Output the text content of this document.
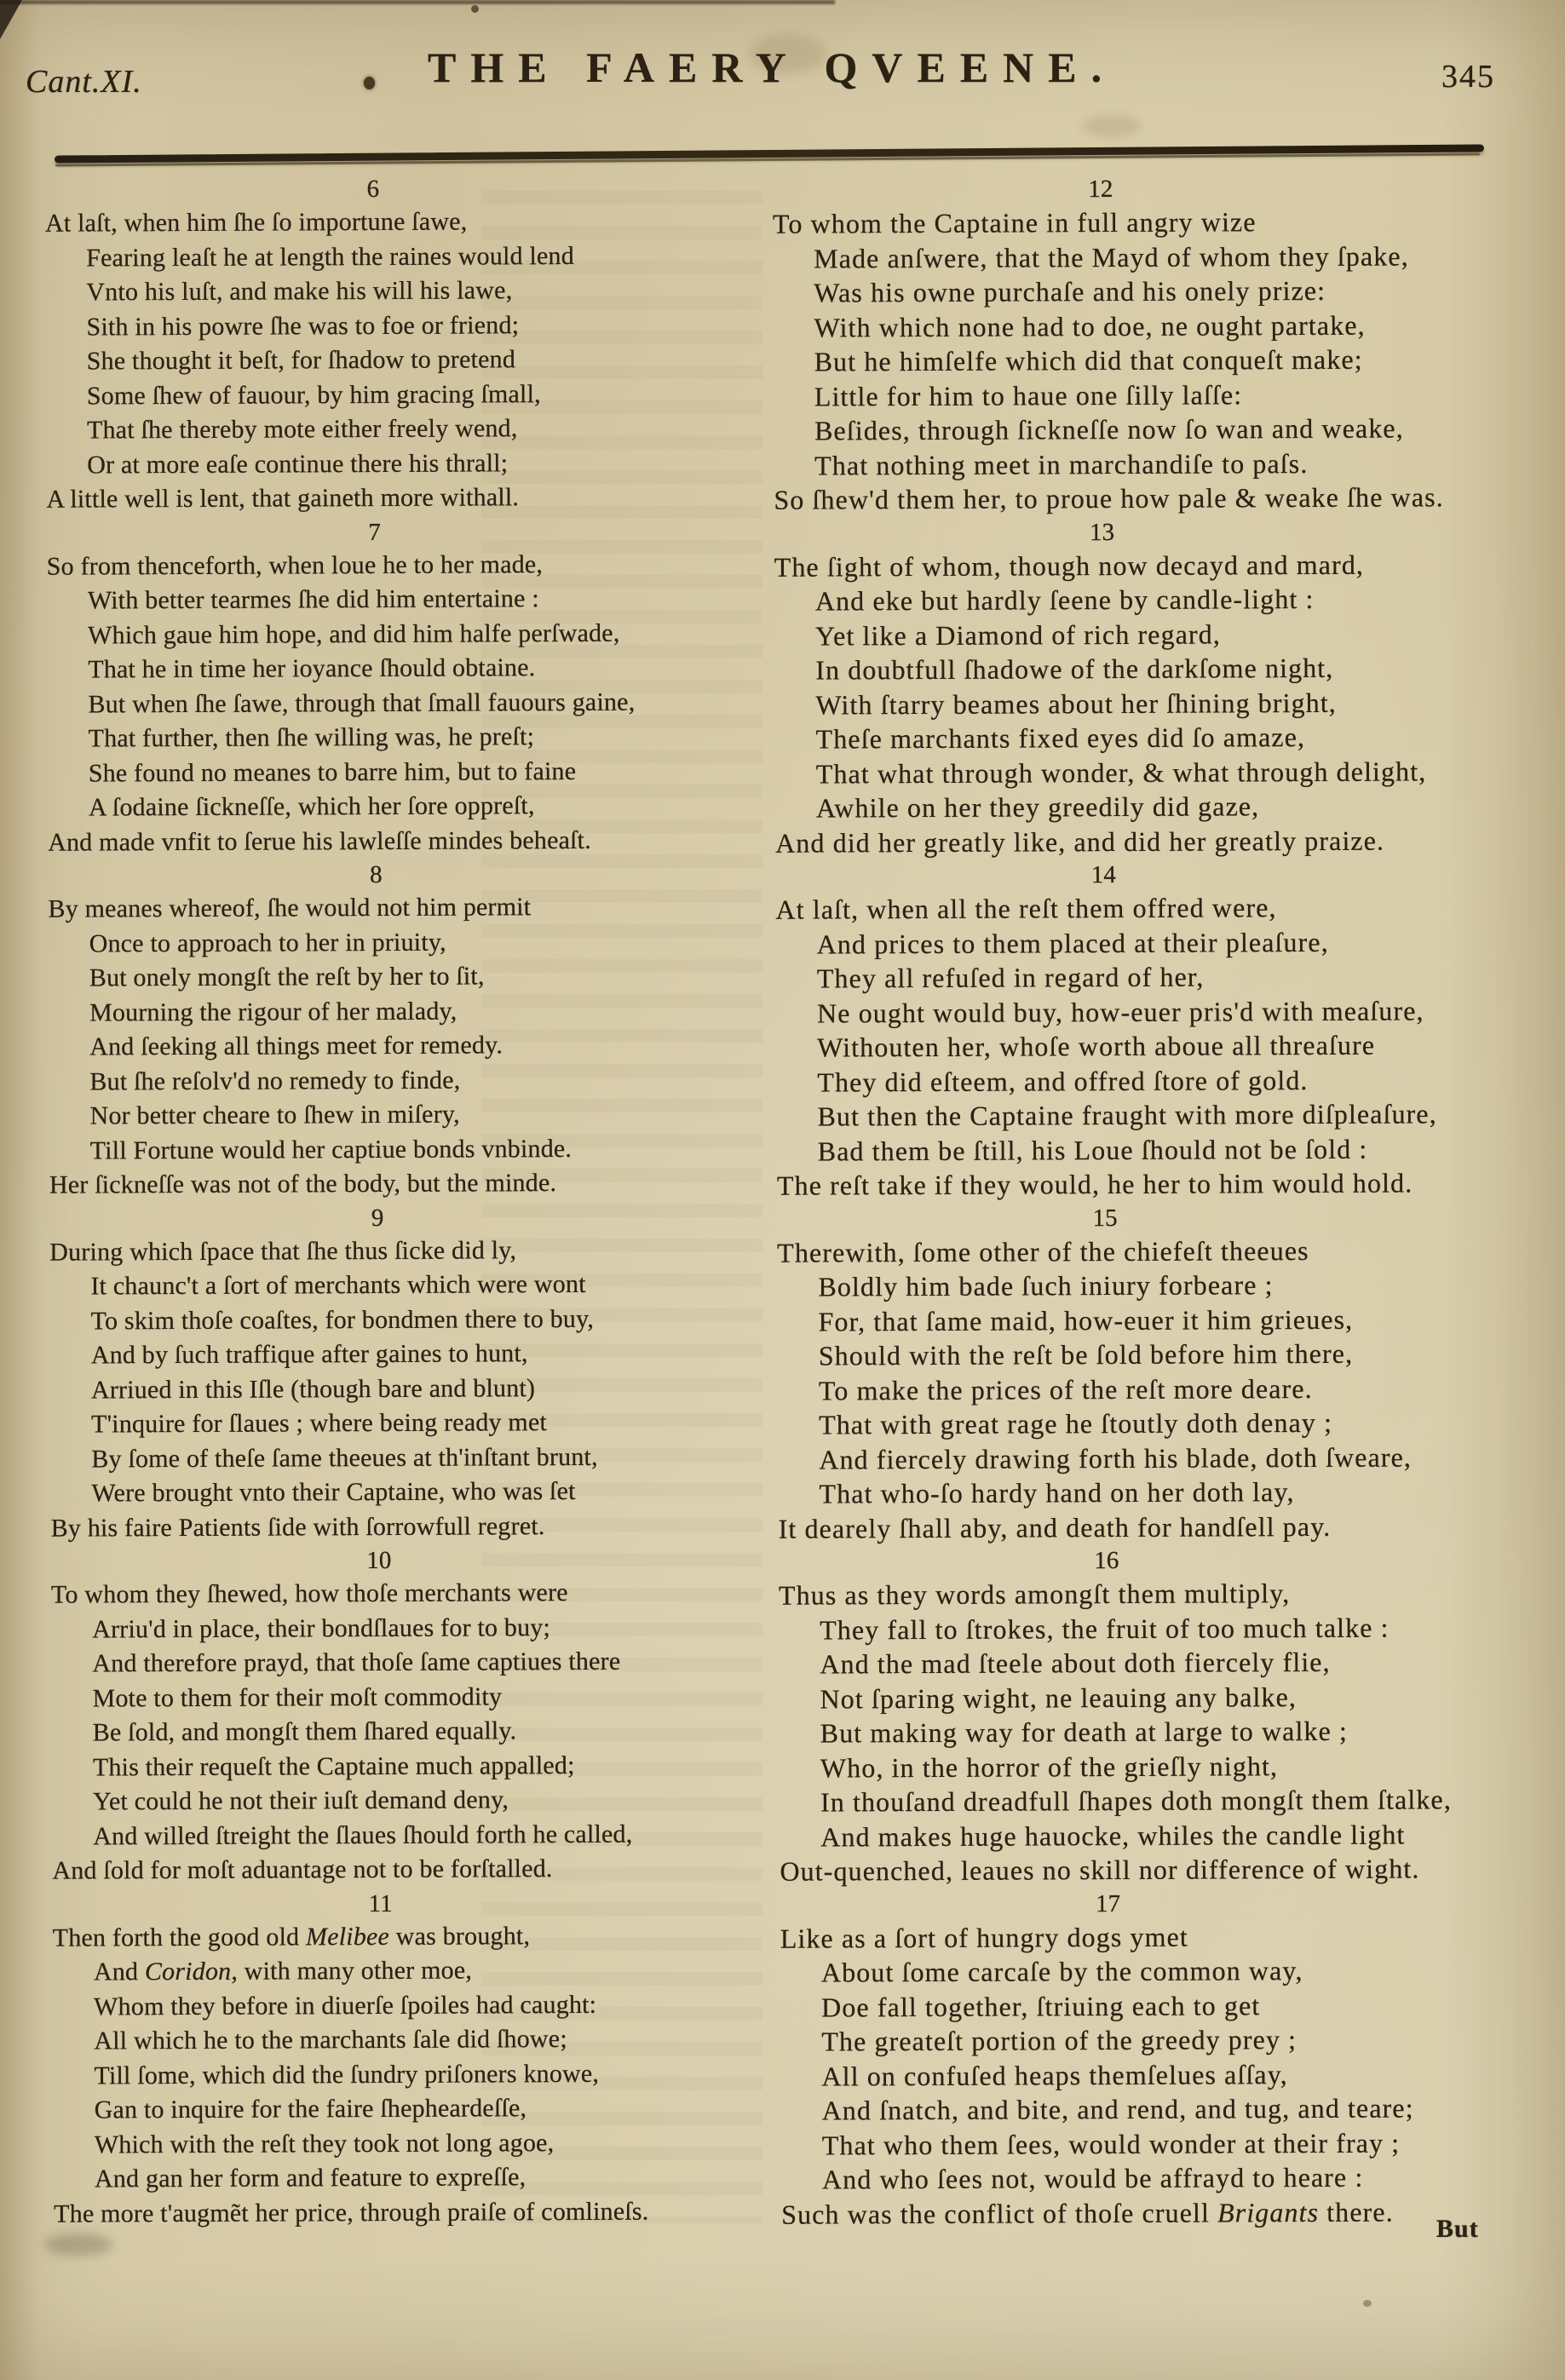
Cant.XI.	THE FAERY QVEENE.	345
6
At laſt, when him ſhe ſo importune ſawe,
Fearing leaſt he at length the raines would lend
Vnto his luſt, and make his will his lawe,
Sith in his powre ſhe was to foe or friend;
She thought it beſt, for ſhadow to pretend
Some ſhew of fauour, by him gracing ſmall,
That ſhe thereby mote either freely wend,
Or at more eaſe continue there his thrall;
A little well is lent, that gaineth more withall.
7
So from thenceforth, when loue he to her made,
With better tearmes ſhe did him entertaine :
Which gaue him hope, and did him halfe perſwade,
That he in time her ioyance ſhould obtaine.
But when ſhe ſawe, through that ſmall fauours gaine,
That further, then ſhe willing was, he preſt;
She found no meanes to barre him, but to faine
A ſodaine ſickneſſe, which her ſore oppreſt,
And made vnfit to ſerue his lawleſſe mindes beheaſt.
8
By meanes whereof, ſhe would not him permit
Once to approach to her in priuity,
But onely mongſt the reſt by her to ſit,
Mourning the rigour of her malady,
And ſeeking all things meet for remedy.
But ſhe reſolv'd no remedy to finde,
Nor better cheare to ſhew in miſery,
Till Fortune would her captiue bonds vnbinde.
Her ſickneſſe was not of the body, but the minde.
9
During which ſpace that ſhe thus ſicke did ly,
It chaunc't a ſort of merchants which were wont
To skim thoſe coaſtes, for bondmen there to buy,
And by ſuch traffique after gaines to hunt,
Arriued in this Iſle (though bare and blunt)
T'inquire for ſlaues ; where being ready met
By ſome of theſe ſame theeues at th'inſtant brunt,
Were brought vnto their Captaine, who was ſet
By his faire Patients ſide with ſorrowfull regret.
10
To whom they ſhewed, how thoſe merchants were
Arriu'd in place, their bondſlaues for to buy;
And therefore prayd, that thoſe ſame captiues there
Mote to them for their moſt commodity
Be ſold, and mongſt them ſhared equally.
This their requeſt the Captaine much appalled;
Yet could he not their iuſt demand deny,
And willed ſtreight the ſlaues ſhould forth he called,
And ſold for moſt aduantage not to be forſtalled.
11
Then forth the good old Melibee was brought,
And Coridon, with many other moe,
Whom they before in diuerſe ſpoiles had caught:
All which he to the marchants ſale did ſhowe;
Till ſome, which did the ſundry priſoners knowe,
Gan to inquire for the faire ſhepheardeſſe,
Which with the reſt they took not long agoe,
And gan her form and feature to expreſſe,
The more t'augmẽt her price, through praiſe of comlineſs.
12
To whom the Captaine in full angry wize
Made anſwere, that the Mayd of whom they ſpake,
Was his owne purchaſe and his onely prize:
With which none had to doe, ne ought partake,
But he himſelfe which did that conqueſt make;
Little for him to haue one ſilly laſſe:
Beſides, through ſickneſſe now ſo wan and weake,
That nothing meet in marchandiſe to paſs.
So ſhew'd them her, to proue how pale & weake ſhe was.
13
The ſight of whom, though now decayd and mard,
And eke but hardly ſeene by candle-light :
Yet like a Diamond of rich regard,
In doubtfull ſhadowe of the darkſome night,
With ſtarry beames about her ſhining bright,
Theſe marchants fixed eyes did ſo amaze,
That what through wonder, & what through delight,
Awhile on her they greedily did gaze,
And did her greatly like, and did her greatly praize.
14
At laſt, when all the reſt them offred were,
And prices to them placed at their pleaſure,
They all refuſed in regard of her,
Ne ought would buy, how-euer pris'd with meaſure,
Withouten her, whoſe worth aboue all threaſure
They did eſteem, and offred ſtore of gold.
But then the Captaine fraught with more diſpleaſure,
Bad them be ſtill, his Loue ſhould not be ſold :
The reſt take if they would, he her to him would hold.
15
Therewith, ſome other of the chiefeſt theeues
Boldly him bade ſuch iniury forbeare ;
For, that ſame maid, how-euer it him grieues,
Should with the reſt be ſold before him there,
To make the prices of the reſt more deare.
That with great rage he ſtoutly doth denay ;
And fiercely drawing forth his blade, doth ſweare,
That who-ſo hardy hand on her doth lay,
It dearely ſhall aby, and death for handſell pay.
16
Thus as they words amongſt them multiply,
They fall to ſtrokes, the fruit of too much talke :
And the mad ſteele about doth fiercely flie,
Not ſparing wight, ne leauing any balke,
But making way for death at large to walke ;
Who, in the horror of the grieſly night,
In thouſand dreadfull ſhapes doth mongſt them ſtalke,
And makes huge hauocke, whiles the candle light
Out-quenched, leaues no skill nor difference of wight.
17
Like as a ſort of hungry dogs ymet
About ſome carcaſe by the common way,
Doe fall together, ſtriuing each to get
The greateſt portion of the greedy prey ;
All on confuſed heaps themſelues aſſay,
And ſnatch, and bite, and rend, and tug, and teare;
That who them ſees, would wonder at their fray ;
And who ſees not, would be affrayd to heare :
Such was the conflict of thoſe cruell Brigants there.
But
